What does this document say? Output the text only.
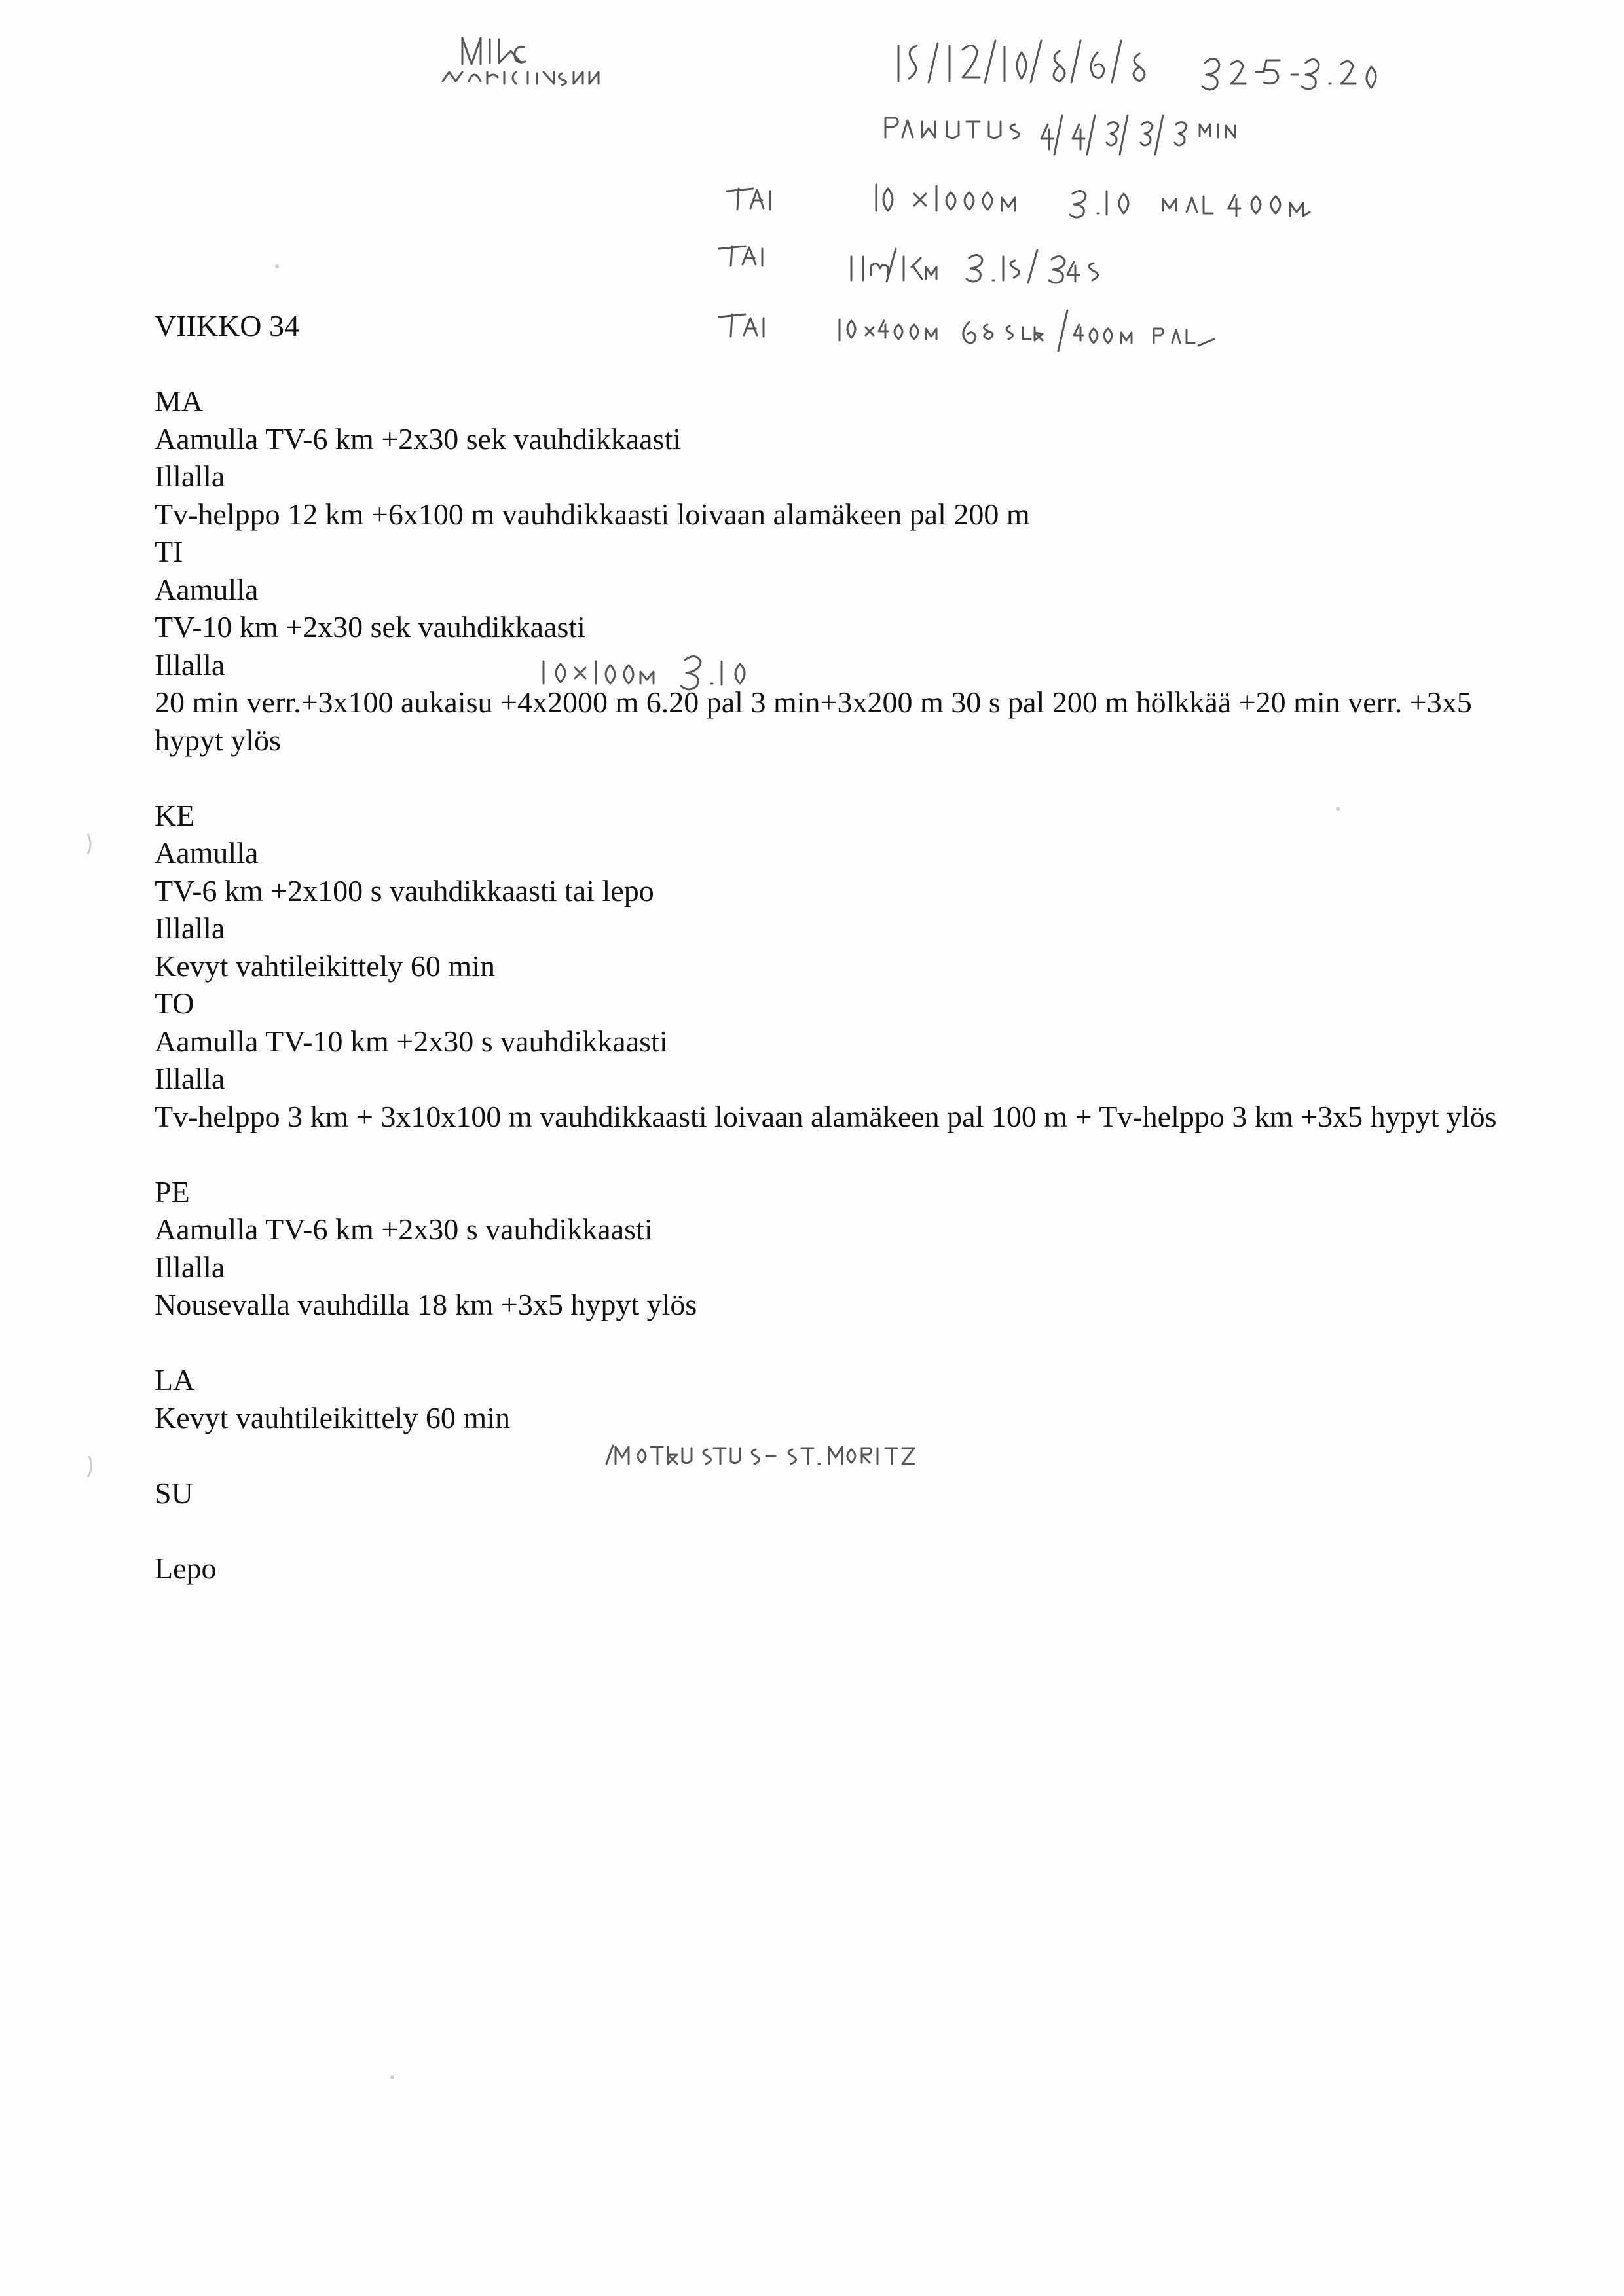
VIIKKO 34
MA
Aamulla TV-6 km +2x30 sek vauhdikkaasti
Illalla
Tv-helppo 12 km +6x100 m vauhdikkaasti loivaan alamäkeen pal 200 m
TI
Aamulla
TV-10 km +2x30 sek vauhdikkaasti
Illalla
20 min verr.+3x100 aukaisu +4x2000 m 6.20 pal 3 min+3x200 m 30 s pal 200 m hölkkää +20 min verr. +3x5 hypyt ylös
KE
Aamulla
TV-6 km +2x100 s vauhdikkaasti tai lepo
Illalla
Kevyt vahtileikittely 60 min
TO
Aamulla TV-10 km +2x30 s vauhdikkaasti
Illalla
Tv-helppo 3 km + 3x10x100 m vauhdikkaasti loivaan alamäkeen pal 100 m + Tv-helppo 3 km +3x5 hypyt ylös
PE
Aamulla TV-6 km +2x30 s vauhdikkaasti
Illalla
Nousevalla vauhdilla 18 km +3x5 hypyt ylös
LA
Kevyt vauhtileikittely 60 min
SU
Lepo
